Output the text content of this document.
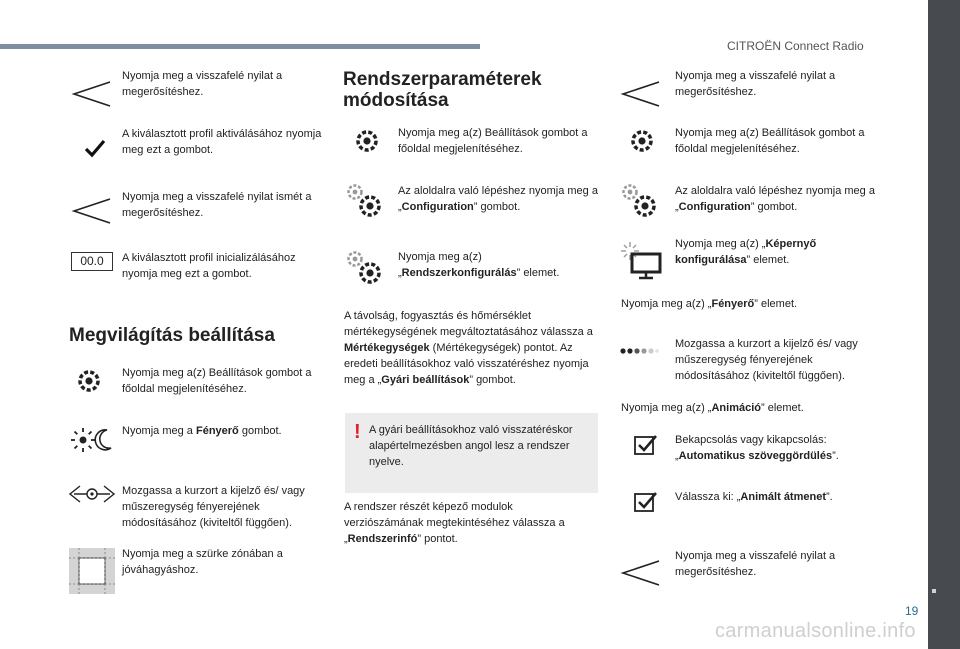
CITROËN Connect Radio
19
carmanualsonline.info
Nyomja meg a visszafelé nyilat a megerősítéshez.
A kiválasztott profil aktiválásához nyomja meg ezt a gombot.
Nyomja meg a visszafelé nyilat ismét a megerősítéshez.
00.0	A kiválasztott profil inicializálásához nyomja meg ezt a gombot.
Megvilágítás beállítása
Nyomja meg a(z) Beállítások gombot a főoldal megjelenítéséhez.
Nyomja meg a Fényerő gombot.
Mozgassa a kurzort a kijelző és/ vagy műszeregység fényerejének módosításához (kiviteltől függően).
Nyomja meg a szürke zónában a jóváhagyáshoz.
Rendszerparaméterek
módosítása
Nyomja meg a(z) Beállítások gombot a főoldal megjelenítéséhez.
Az aloldalra való lépéshez nyomja meg a „Configuration” gombot.
Nyomja meg a(z) „Rendszerkonfigurálás” elemet.
A távolság, fogyasztás és hőmérséklet mértékegységének megváltoztatásához válassza a Mértékegységek (Mértékegységek) pontot. Az eredeti beállításokhoz való visszatéréshez nyomja meg a „Gyári beállítások” gombot.
! A gyári beállításokhoz való visszatéréskor alapértelmezésben angol lesz a rendszer nyelve.
A rendszer részét képező modulok verziószámának megtekintéséhez válassza a „Rendszerinfó” pontot.
Nyomja meg a visszafelé nyilat a megerősítéshez.
Nyomja meg a(z) Beállítások gombot a főoldal megjelenítéséhez.
Az aloldalra való lépéshez nyomja meg a „Configuration” gombot.
Nyomja meg a(z) „Képernyő konfigurálása” elemet.
Nyomja meg a(z) „Fényerő” elemet.
Mozgassa a kurzort a kijelző és/ vagy műszeregység fényerejének módosításához (kiviteltől függően).
Nyomja meg a(z) „Animáció” elemet.
Bekapcsolás vagy kikapcsolás: „Automatikus szöveggördülés”.
Válassza ki: „Animált átmenet”.
Nyomja meg a visszafelé nyilat a megerősítéshez.
